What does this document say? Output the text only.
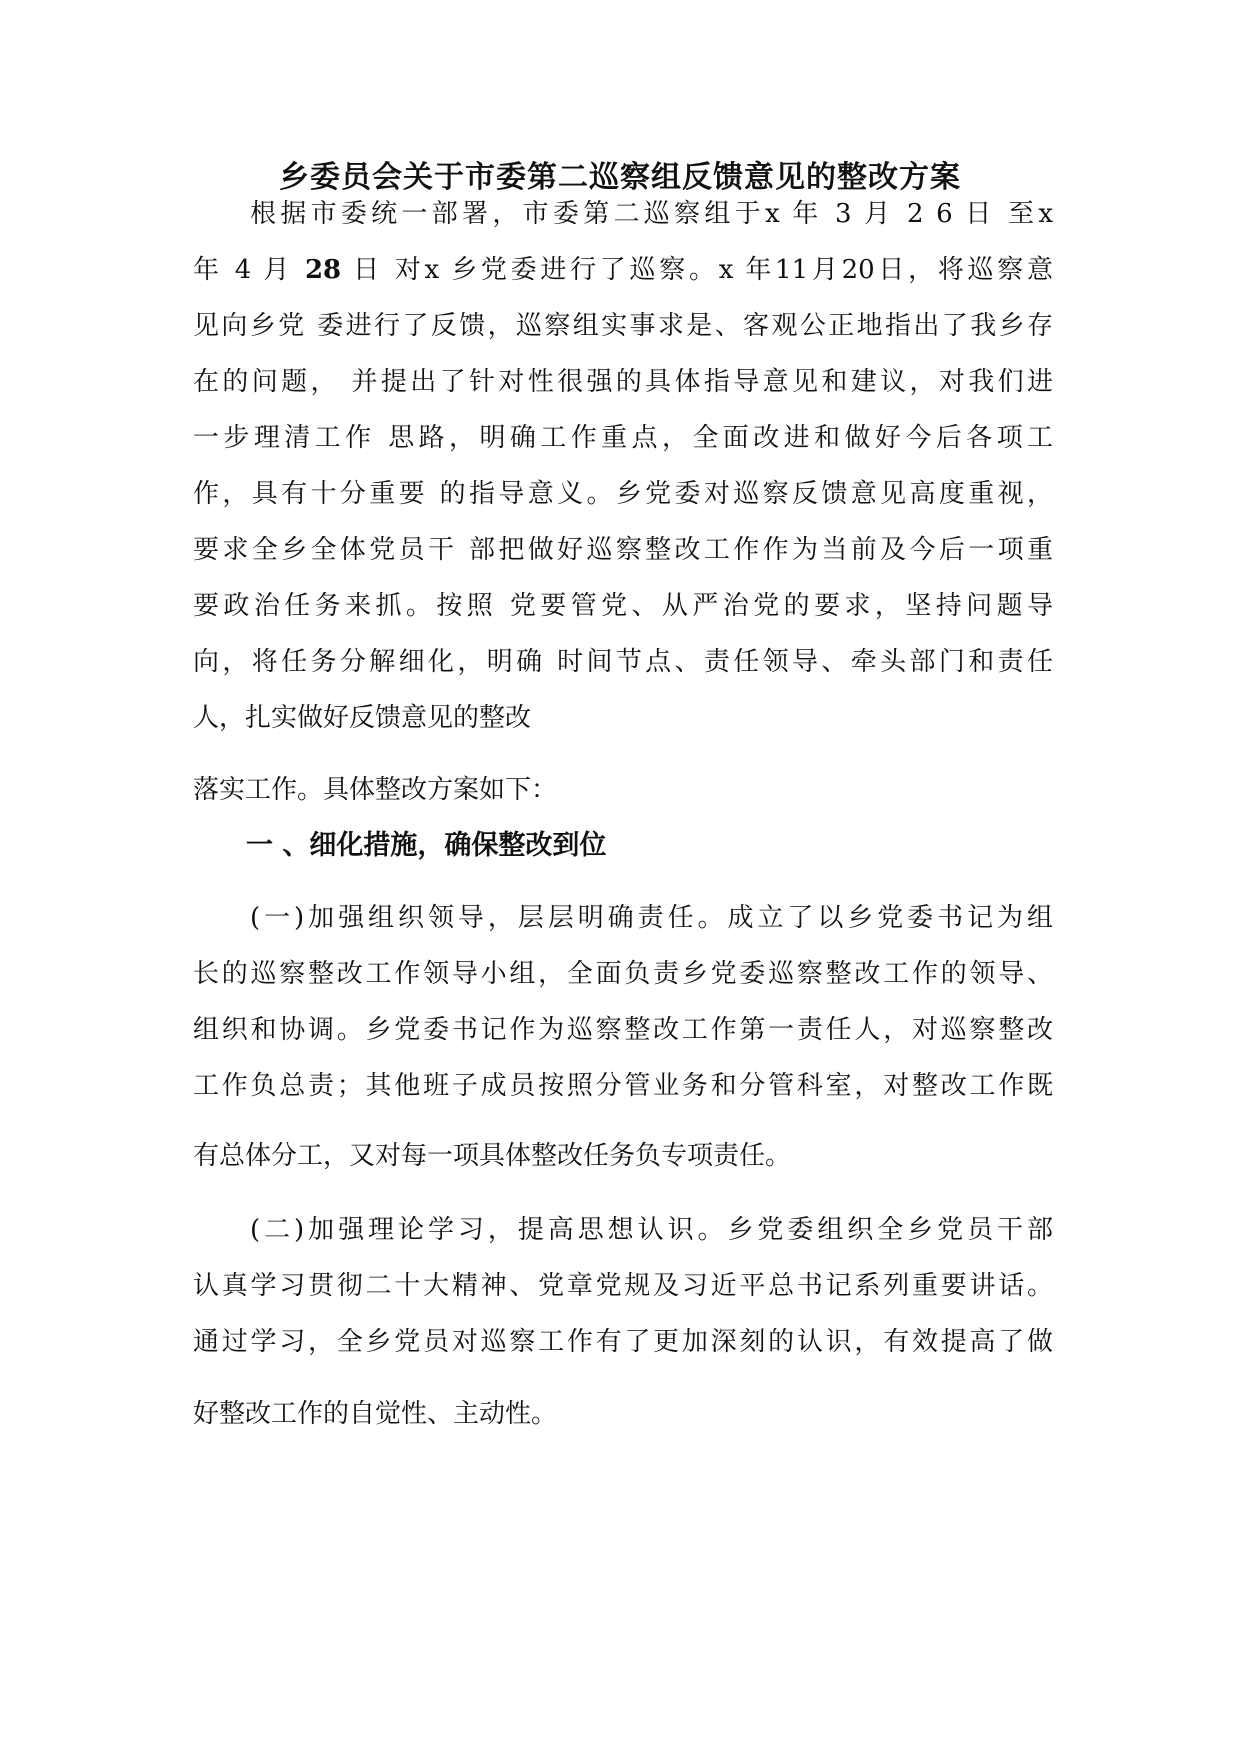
乡委员会关于市委第二巡察组反馈意见的整改方案

根据市委统一部署，市委第二巡察组于x 年 3 月 2 6 日 至x

年 4 月 28 日 对x 乡党委进行了巡察。x 年11月20日，将巡察意

见向乡党 委进行了反馈，巡察组实事求是、客观公正地指出了我乡存

在的问题， 并提出了针对性很强的具体指导意见和建议，对我们进

一步理清工作 思路，明确工作重点，全面改进和做好今后各项工

作，具有十分重要 的指导意义。乡党委对巡察反馈意见高度重视，

要求全乡全体党员干 部把做好巡察整改工作作为当前及今后一项重

要政治任务来抓。按照 党要管党、从严治党的要求，坚持问题导

向，将任务分解细化，明确 时间节点、责任领导、牵头部门和责任

人，扎实做好反馈意见的整改

落实工作。具体整改方案如下：

一 、细化措施，确保整改到位

(一)加强组织领导，层层明确责任。成立了以乡党委书记为组

长的巡察整改工作领导小组，全面负责乡党委巡察整改工作的领导、

组织和协调。乡党委书记作为巡察整改工作第一责任人，对巡察整改

工作负总责；其他班子成员按照分管业务和分管科室，对整改工作既

有总体分工，又对每一项具体整改任务负专项责任。

(二)加强理论学习，提高思想认识。乡党委组织全乡党员干部

认真学习贯彻二十大精神、党章党规及习近平总书记系列重要讲话。

通过学习，全乡党员对巡察工作有了更加深刻的认识，有效提高了做

好整改工作的自觉性、主动性。
